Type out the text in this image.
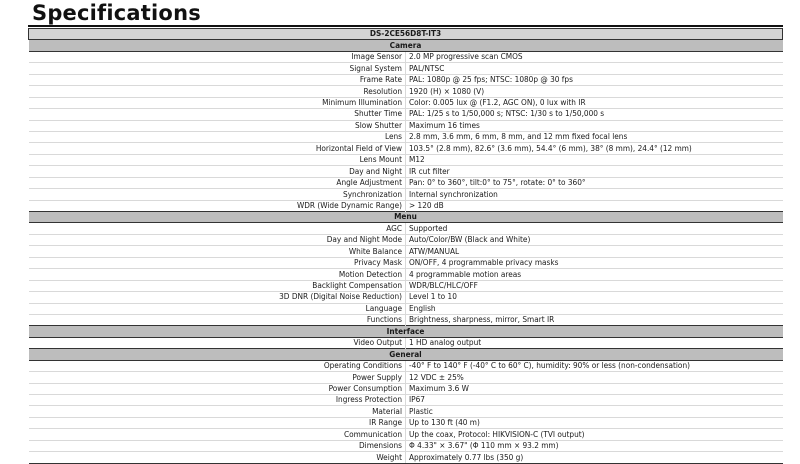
Specifications
DS-2CE56D8T-IT3	
Camera	
Image Sensor	2.0 MP progressive scan CMOS
Signal System	PAL/NTSC
Frame Rate	PAL: 1080p @ 25 fps; NTSC: 1080p @ 30 fps
Resolution	1920 (H) × 1080 (V)
Minimum Illumination	Color: 0.005 lux @ (F1.2, AGC ON), 0 lux with IR
Shutter Time	PAL: 1/25 s to 1/50,000 s; NTSC: 1/30 s to 1/50,000 s
Slow Shutter	Maximum 16 times
Lens	2.8 mm, 3.6 mm, 6 mm, 8 mm, and 12 mm fixed focal lens
Horizontal Field of View	103.5° (2.8 mm), 82.6° (3.6 mm), 54.4° (6 mm), 38° (8 mm), 24.4° (12 mm)
Lens Mount	M12
Day and Night	IR cut filter
Angle Adjustment	Pan: 0° to 360°, tilt:0° to 75°, rotate: 0° to 360°
Synchronization	Internal synchronization
WDR (Wide Dynamic Range)	> 120 dB
Menu	
AGC	Supported
Day and Night Mode	Auto/Color/BW (Black and White)
White Balance	ATW/MANUAL
Privacy Mask	ON/OFF, 4 programmable privacy masks
Motion Detection	4 programmable motion areas
Backlight Compensation	WDR/BLC/HLC/OFF
3D DNR (Digital Noise Reduction)	Level 1 to 10
Language	English
Functions	Brightness, sharpness, mirror, Smart IR
Interface	
Video Output	1 HD analog output
General	
Operating Conditions	-40° F to 140° F (-40° C to 60° C), humidity: 90% or less (non-condensation)
Power Supply	12 VDC ± 25%
Power Consumption	Maximum 3.6 W
Ingress Protection	IP67
Material	Plastic
IR Range	Up to 130 ft (40 m)
Communication	Up the coax, Protocol: HIKVISION-C (TVI output)
Dimensions	Φ 4.33" × 3.67" (Φ 110 mm × 93.2 mm)
Weight	Approximately 0.77 lbs (350 g)
